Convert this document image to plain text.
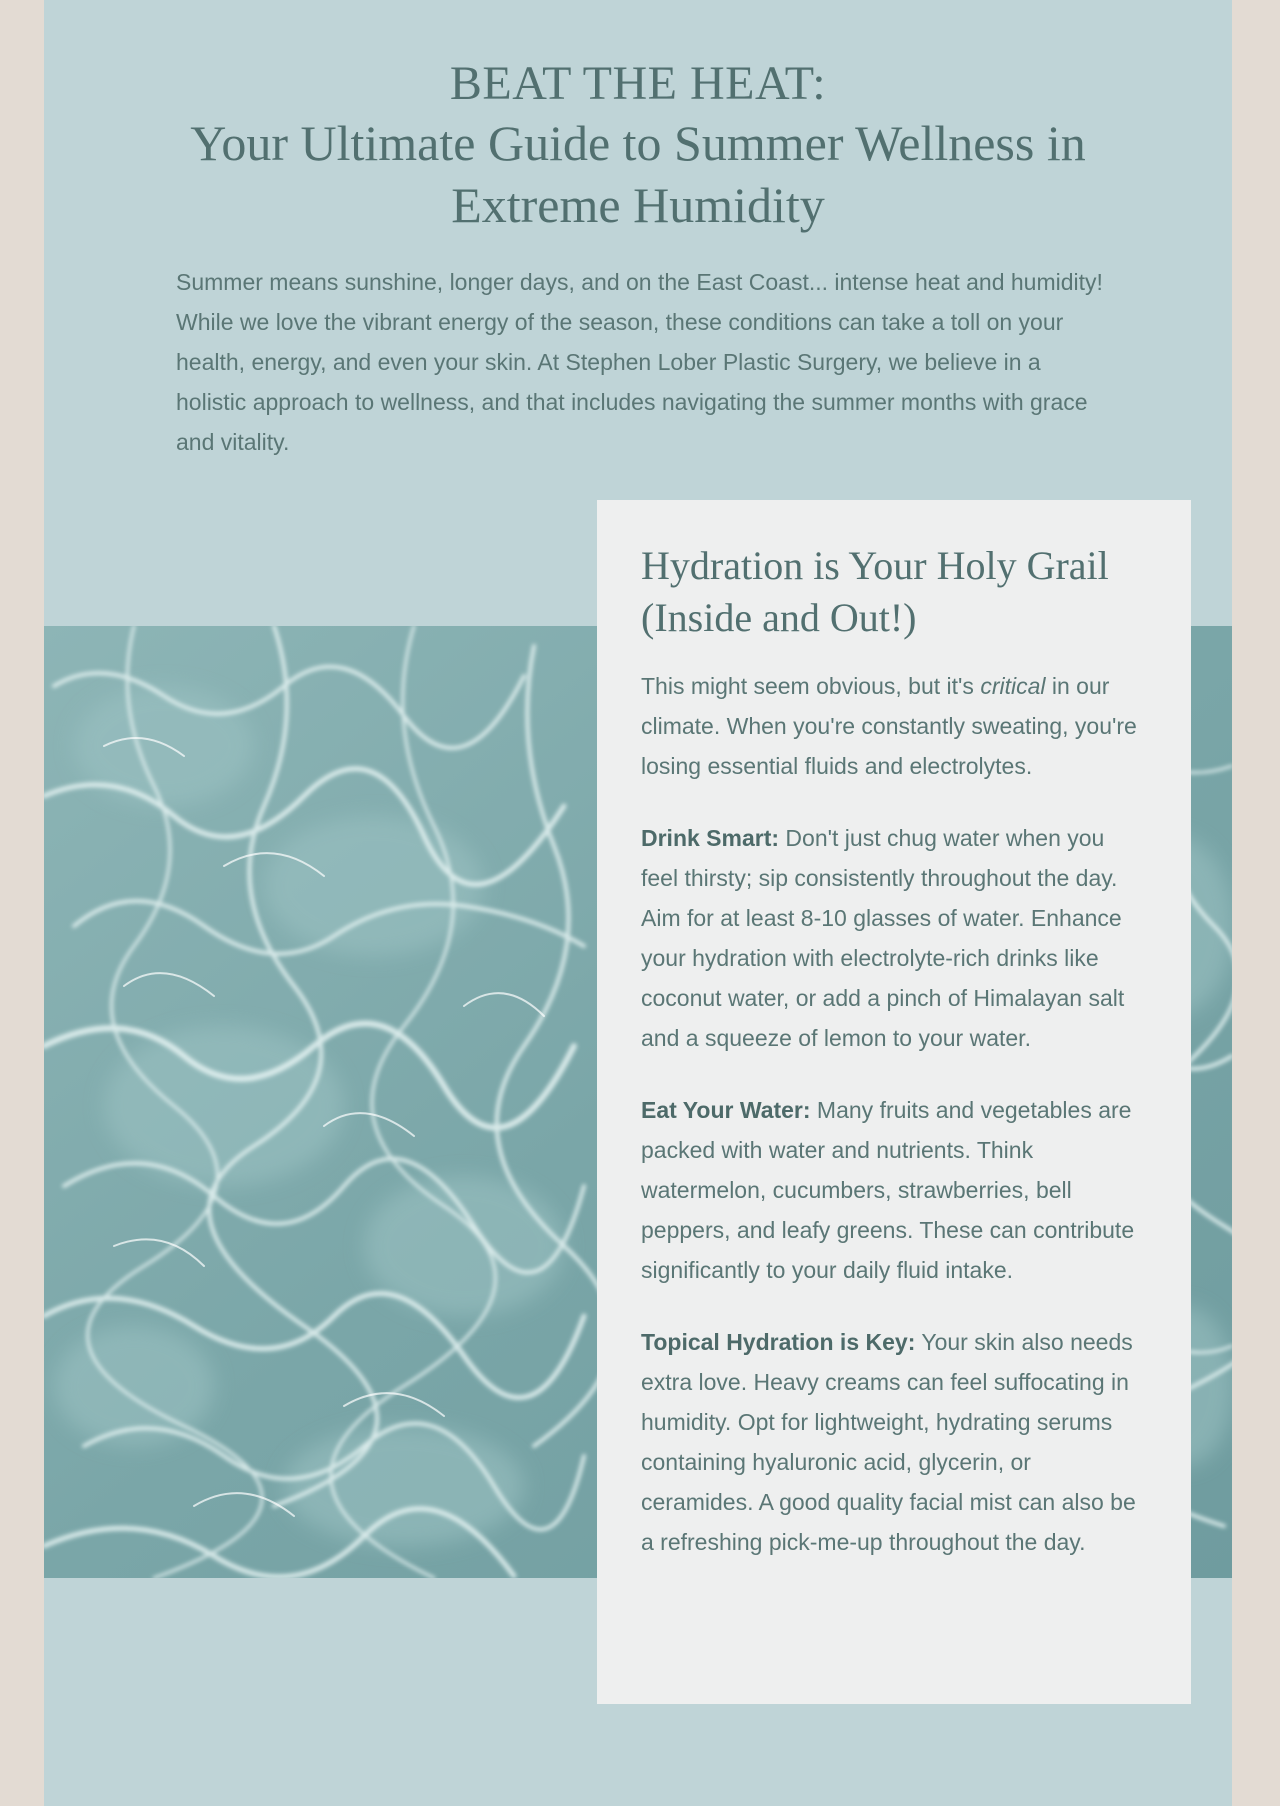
BEAT THE HEAT:
Your Ultimate Guide to Summer Wellness in Extreme Humidity
Summer means sunshine, longer days, and on the East Coast... intense heat and humidity! While we love the vibrant energy of the season, these conditions can take a toll on your health, energy, and even your skin. At Stephen Lober Plastic Surgery, we believe in a holistic approach to wellness, and that includes navigating the summer months with grace and vitality.
Hydration is Your Holy Grail (Inside and Out!)

This might seem obvious, but it's critical in our climate. When you're constantly sweating, you're losing essential fluids and electrolytes.

Drink Smart: Don't just chug water when you feel thirsty; sip consistently throughout the day. Aim for at least 8-10 glasses of water. Enhance your hydration with electrolyte-rich drinks like coconut water, or add a pinch of Himalayan salt and a squeeze of lemon to your water.

Eat Your Water: Many fruits and vegetables are packed with water and nutrients. Think watermelon, cucumbers, strawberries, bell peppers, and leafy greens. These can contribute significantly to your daily fluid intake.

Topical Hydration is Key: Your skin also needs extra love. Heavy creams can feel suffocating in humidity. Opt for lightweight, hydrating serums containing hyaluronic acid, glycerin, or ceramides. A good quality facial mist can also be a refreshing pick-me-up throughout the day.
